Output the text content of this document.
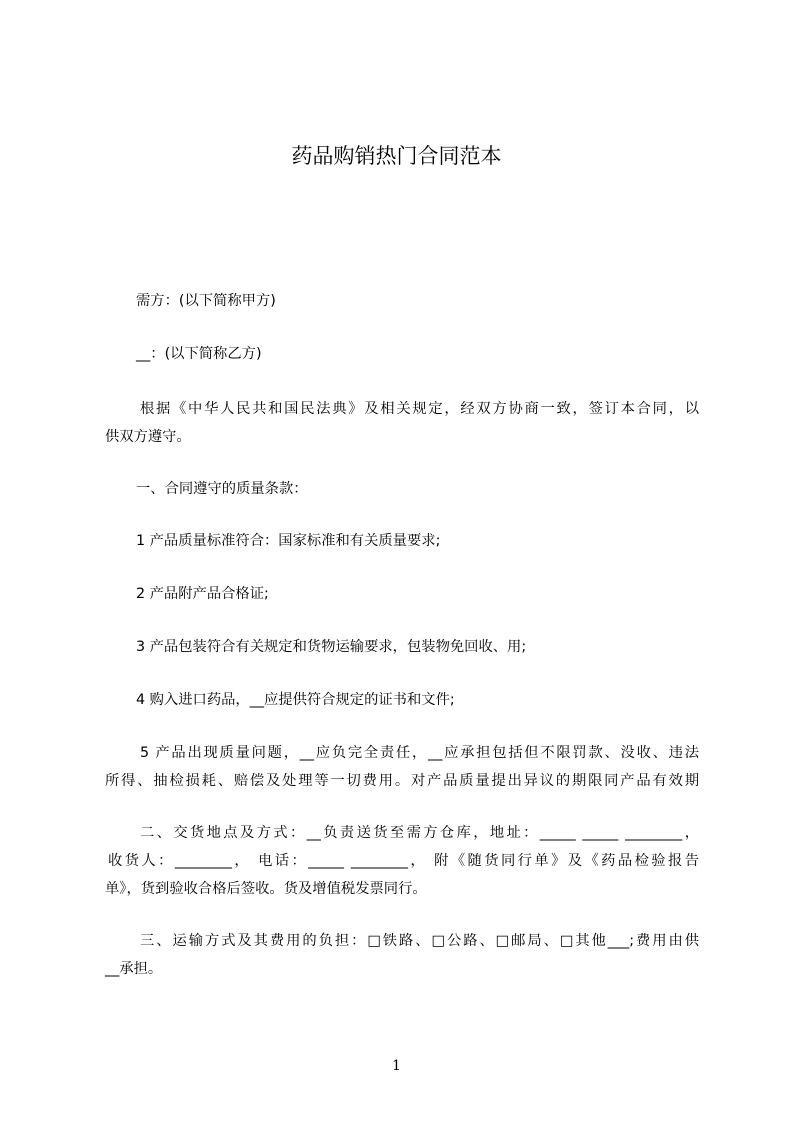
药品购销热门合同范本
需方：(以下简称甲方)
__：(以下简称乙方)
根据《中华人民共和国民法典》及相关规定，经双方协商一致，签订本合同，以
供双方遵守。
一、合同遵守的质量条款：
1 产品质量标准符合：国家标准和有关质量要求;
2 产品附产品合格证;
3 产品包装符合有关规定和货物运输要求，包装物免回收、用;
4 购入进口药品，__应提供符合规定的证书和文件;
5 产品出现质量问题，__应负完全责任，__应承担包括但不限罚款、没收、违法
所得、抽检损耗、赔偿及处理等一切费用。对产品质量提出异议的期限同产品有效期
二、交货地点及方式：__负责送货至需方仓库，地址：_____ _____ ________，
收货人：________， 电话：_____ ________， 附《随货同行单》及《药品检验报告
单》，货到验收合格后签收。货及增值税发票同行。
三、运输方式及其费用的负担：□铁路、□公路、□邮局、□其他___;费用由供
__承担。
1
